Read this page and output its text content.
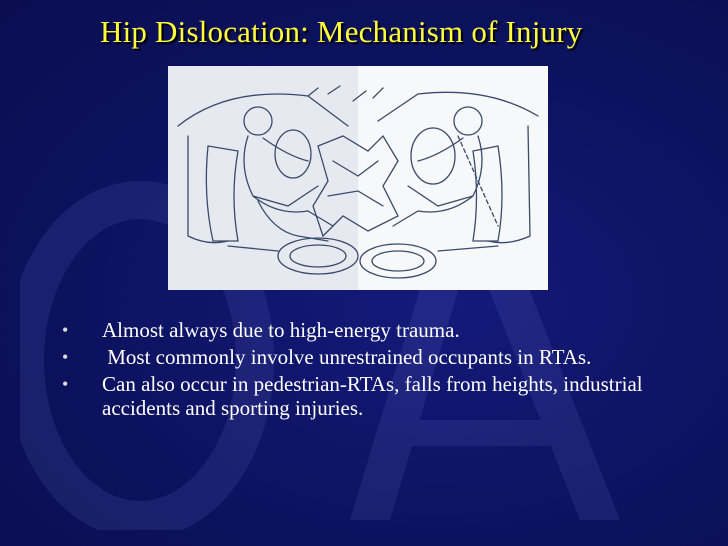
Hip Dislocation: Mechanism of Injury
• Almost always due to high-energy trauma.
• Most commonly involve unrestrained occupants in RTAs.
• Can also occur in pedestrian-RTAs, falls from heights, industrial accidents and sporting injuries.
